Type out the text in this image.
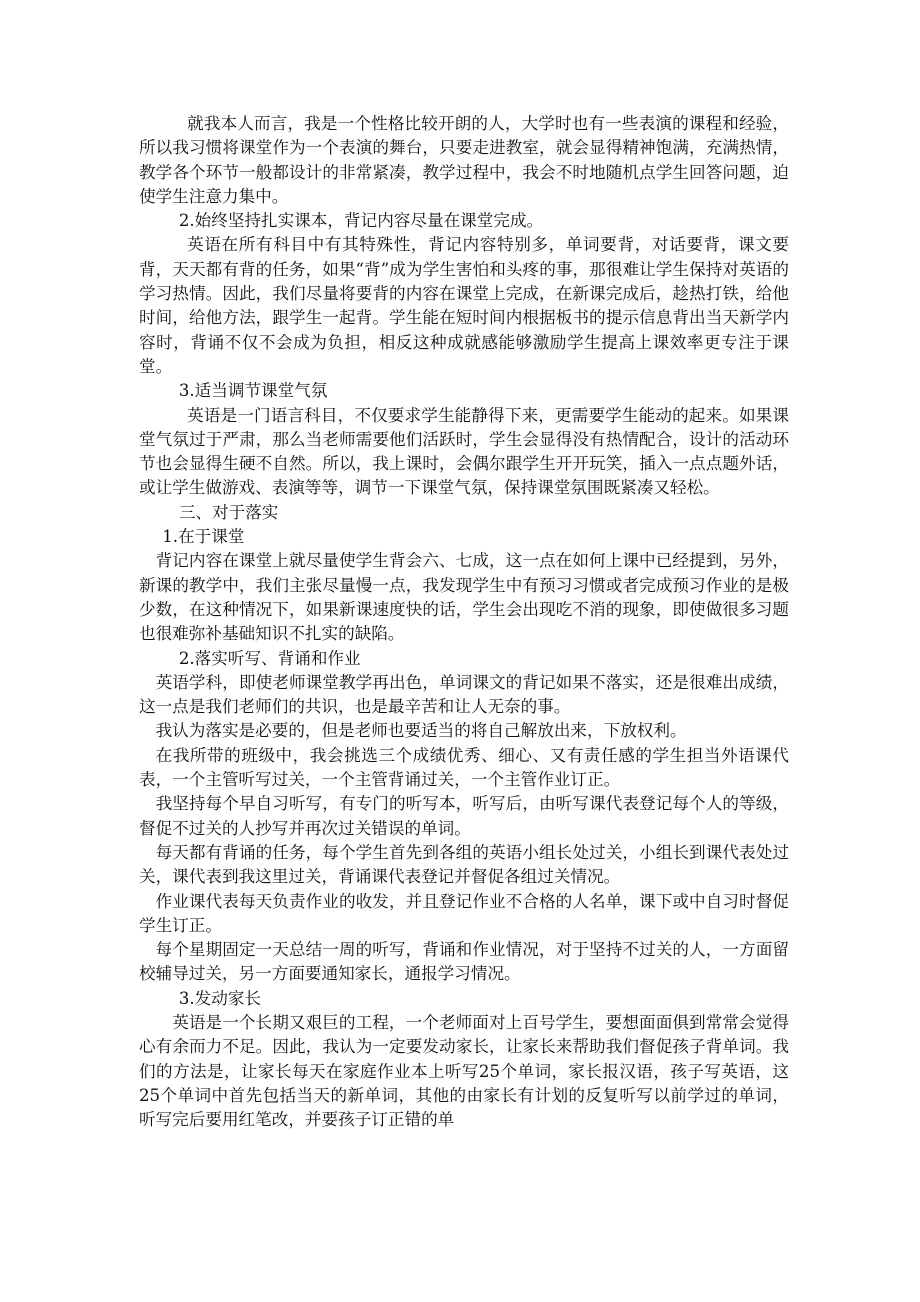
就我本人而言，我是一个性格比较开朗的人，大学时也有一些表演的课程和经验，所以我习惯将课堂作为一个表演的舞台，只要走进教室，就会显得精神饱满，充满热情，教学各个环节一般都设计的非常紧凑，教学过程中，我会不时地随机点学生回答问题，迫使学生注意力集中。

2.始终坚持扎实课本，背记内容尽量在课堂完成。

英语在所有科目中有其特殊性，背记内容特别多，单词要背，对话要背，课文要背，天天都有背的任务，如果“背”成为学生害怕和头疼的事，那很难让学生保持对英语的学习热情。因此，我们尽量将要背的内容在课堂上完成，在新课完成后，趁热打铁，给他时间，给他方法，跟学生一起背。学生能在短时间内根据板书的提示信息背出当天新学内容时，背诵不仅不会成为负担，相反这种成就感能够激励学生提高上课效率更专注于课堂。

3.适当调节课堂气氛

英语是一门语言科目，不仅要求学生能静得下来，更需要学生能动的起来。如果课堂气氛过于严肃，那么当老师需要他们活跃时，学生会显得没有热情配合，设计的活动环节也会显得生硬不自然。所以，我上课时，会偶尔跟学生开开玩笑，插入一点点题外话，或让学生做游戏、表演等等，调节一下课堂气氛，保持课堂氛围既紧凑又轻松。

三、对于落实

1.在于课堂

背记内容在课堂上就尽量使学生背会六、七成，这一点在如何上课中已经提到，另外，新课的教学中，我们主张尽量慢一点，我发现学生中有预习习惯或者完成预习作业的是极少数，在这种情况下，如果新课速度快的话，学生会出现吃不消的现象，即使做很多习题也很难弥补基础知识不扎实的缺陷。

2.落实听写、背诵和作业

英语学科，即使老师课堂教学再出色，单词课文的背记如果不落实，还是很难出成绩，这一点是我们老师们的共识，也是最辛苦和让人无奈的事。

我认为落实是必要的，但是老师也要适当的将自己解放出来，下放权利。

在我所带的班级中，我会挑选三个成绩优秀、细心、又有责任感的学生担当外语课代表，一个主管听写过关，一个主管背诵过关，一个主管作业订正。

我坚持每个早自习听写，有专门的听写本，听写后，由听写课代表登记每个人的等级，督促不过关的人抄写并再次过关错误的单词。

每天都有背诵的任务，每个学生首先到各组的英语小组长处过关，小组长到课代表处过关，课代表到我这里过关，背诵课代表登记并督促各组过关情况。

作业课代表每天负责作业的收发，并且登记作业不合格的人名单，课下或中自习时督促学生订正。

每个星期固定一天总结一周的听写，背诵和作业情况，对于坚持不过关的人，一方面留校辅导过关，另一方面要通知家长，通报学习情况。

3.发动家长

英语是一个长期又艰巨的工程，一个老师面对上百号学生，要想面面俱到常常会觉得心有余而力不足。因此，我认为一定要发动家长，让家长来帮助我们督促孩子背单词。我们的方法是，让家长每天在家庭作业本上听写25个单词，家长报汉语，孩子写英语，这25个单词中首先包括当天的新单词，其他的由家长有计划的反复听写以前学过的单词，听写完后要用红笔改，并要孩子订正错的单
